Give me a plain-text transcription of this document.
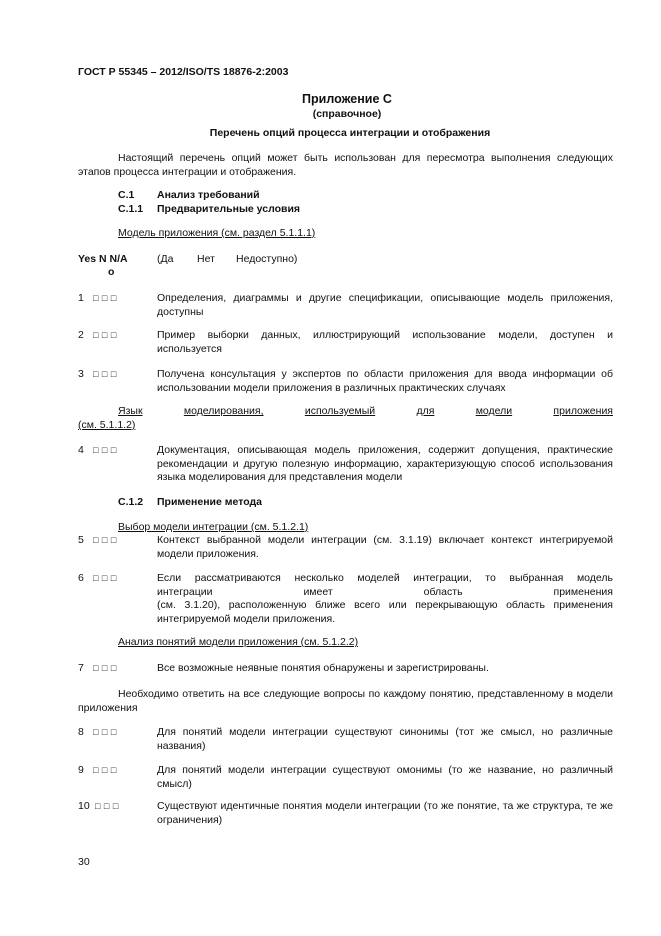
ГОСТ Р 55345 – 2012/ISO/TS 18876-2:2003
Приложение C
(справочное)
Перечень опций процесса интеграции и отображения

Настоящий перечень опций может быть использован для пересмотра выполнения следующих этапов процесса интеграции и отображения.

C.1 Анализ требований
C.1.1 Предварительные условия
Модель приложения (см. раздел 5.1.1.1)
Yes N N/A
o
(Да Нет Недоступно)
1 □ □ □	Определения, диаграммы и другие спецификации, описывающие модель приложения, доступны

2 □ □ □	Пример выборки данных, иллюстрирующий использование модели, доступен и используется

3 □ □ □	Получена консультация у экспертов по области приложения для ввода информации об использовании модели приложения в различных практических случаях

Язык	моделирования,	используемый	для	модели	приложения
(см. 5.1.1.2)
4 □ □ □	Документация, описывающая модель приложения, содержит допущения, практические рекомендации и другую полезную информацию, характеризующую способ использования языка моделирования для представления модели

C.1.2 Применение метода
Выбор модели интеграции (см. 5.1.2.1)
5 □ □ □	Контекст выбранной модели интеграции (см. 3.1.19) включает контекст интегрируемой модели приложения.

6 □ □ □	Если рассматриваются несколько моделей интеграции, то выбранная модель
интеграции	имеет	область	применения
(см. 3.1.20), расположенную ближе всего или перекрывающую область применения интегрируемой модели приложения.
Анализ понятий модели приложения (см. 5.1.2.2)
7 □ □ □	Все возможные неявные понятия обнаружены и зарегистрированы.

Необходимо ответить на все следующие вопросы по каждому понятию, представленному в модели приложения

8 □ □ □	Для понятий модели интеграции существуют синонимы (тот же смысл, но различные названия)

9 □ □ □	Для понятий модели интеграции существуют омонимы (то же название, но различный смысл)

10 □ □ □	Существуют идентичные понятия модели интеграции (то же понятие, та же структура, те же ограничения)

30
